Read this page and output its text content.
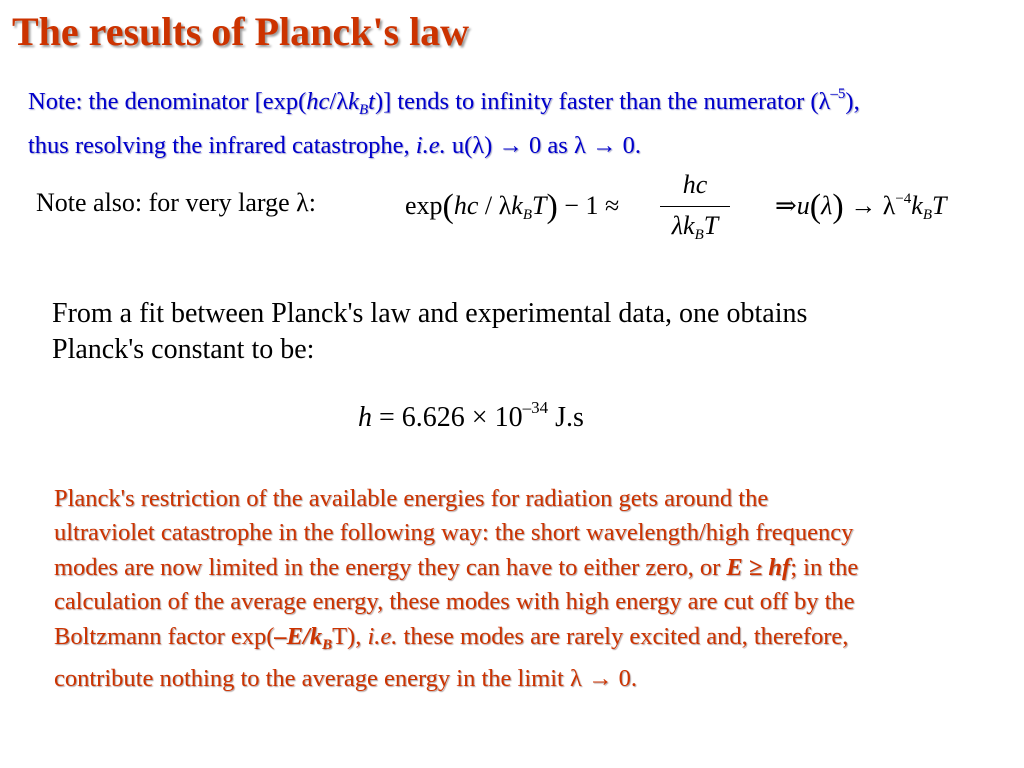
The results of Planck's law
Note: the denominator $[\exp(hc/\lambda k_Bt)]$ tends to infinity faster than the numerator $(\lambda^{-5})$,
thus resolving the infrared catastrophe, i.e. u(λ) → 0 as λ → 0.
Note also: for very large λ:	$\exp(hc / \lambda k_BT) - 1$ ≈
hc
$\lambda k_BT$
⇒u(λ) → $\lambda^{-4}k_BT$
From a fit between Planck's law and experimental data, one obtains
Planck's constant to be:
$h = 6.626 \times 10^{-34}$ J.s
Planck's restriction of the available energies for radiation gets around the
ultraviolet catastrophe in the following way: the short wavelength/high frequency
modes are now limited in the energy they can have to either zero, or E ≥ hf; in the
calculation of the average energy, these modes with high energy are cut off by the
Boltzmann factor $\exp(-E/k_BT)$, i.e. these modes are rarely excited and, therefore,
contribute nothing to the average energy in the limit λ → 0.
